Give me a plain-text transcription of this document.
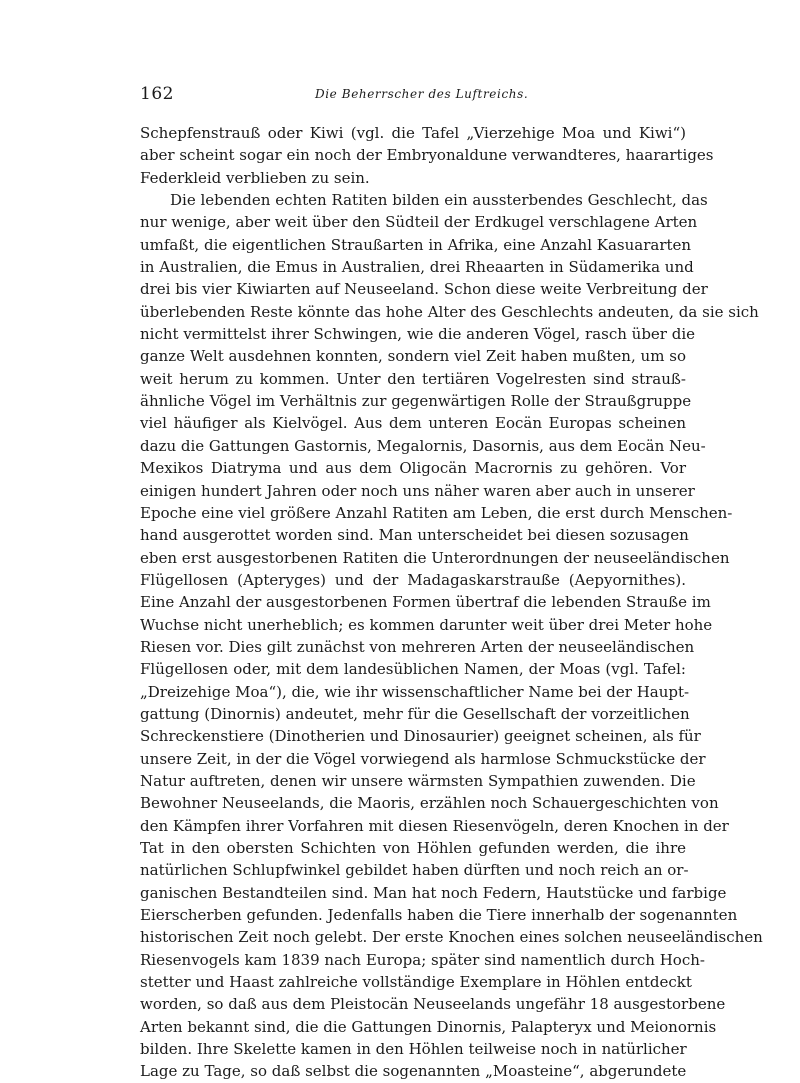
162	Die Beherrscher des Luftreichs.
Schepfenstrauß oder Kiwi (vgl. die Tafel „Vierzehige Moa und Kiwi“)
aber scheint sogar ein noch der Embryonaldune verwandteres, haarartiges
Federkleid verblieben zu sein.
Die lebenden echten Ratiten bilden ein aussterbendes Geschlecht, das
nur wenige, aber weit über den Südteil der Erdkugel verschlagene Arten
umfaßt, die eigentlichen Straußarten in Afrika, eine Anzahl Kasuararten
in Australien, die Emus in Australien, drei Rheaarten in Südamerika und
drei bis vier Kiwiarten auf Neuseeland. Schon diese weite Verbreitung der
überlebenden Reste könnte das hohe Alter des Geschlechts andeuten, da sie sich
nicht vermittelst ihrer Schwingen, wie die anderen Vögel, rasch über die
ganze Welt ausdehnen konnten, sondern viel Zeit haben mußten, um so
weit herum zu kommen. Unter den tertiären Vogelresten sind strauß-
ähnliche Vögel im Verhältnis zur gegenwärtigen Rolle der Straußgruppe
viel häufiger als Kielvögel. Aus dem unteren Eocän Europas scheinen
dazu die Gattungen Gastornis, Megalornis, Dasornis, aus dem Eocän Neu-
Mexikos Diatryma und aus dem Oligocän Macrornis zu gehören. Vor
einigen hundert Jahren oder noch uns näher waren aber auch in unserer
Epoche eine viel größere Anzahl Ratiten am Leben, die erst durch Menschen-
hand ausgerottet worden sind. Man unterscheidet bei diesen sozusagen
eben erst ausgestorbenen Ratiten die Unterordnungen der neuseeländischen
Flügellosen (Apteryges) und der Madagaskarstrauße (Aepyornithes).
Eine Anzahl der ausgestorbenen Formen übertraf die lebenden Strauße im
Wuchse nicht unerheblich; es kommen darunter weit über drei Meter hohe
Riesen vor. Dies gilt zunächst von mehreren Arten der neuseeländischen
Flügellosen oder, mit dem landesüblichen Namen, der Moas (vgl. Tafel:
„Dreizehige Moa“), die, wie ihr wissenschaftlicher Name bei der Haupt-
gattung (Dinornis) andeutet, mehr für die Gesellschaft der vorzeitlichen
Schreckenstiere (Dinotherien und Dinosaurier) geeignet scheinen, als für
unsere Zeit, in der die Vögel vorwiegend als harmlose Schmuckstücke der
Natur auftreten, denen wir unsere wärmsten Sympathien zuwenden. Die
Bewohner Neuseelands, die Maoris, erzählen noch Schauergeschichten von
den Kämpfen ihrer Vorfahren mit diesen Riesenvögeln, deren Knochen in der
Tat in den obersten Schichten von Höhlen gefunden werden, die ihre
natürlichen Schlupfwinkel gebildet haben dürften und noch reich an or-
ganischen Bestandteilen sind. Man hat noch Federn, Hautstücke und farbige
Eierscherben gefunden. Jedenfalls haben die Tiere innerhalb der sogenannten
historischen Zeit noch gelebt. Der erste Knochen eines solchen neuseeländischen
Riesenvogels kam 1839 nach Europa; später sind namentlich durch Hoch-
stetter und Haast zahlreiche vollständige Exemplare in Höhlen entdeckt
worden, so daß aus dem Pleistocän Neuseelands ungefähr 18 ausgestorbene
Arten bekannt sind, die die Gattungen Dinornis, Palapteryx und Meionornis
bilden. Ihre Skelette kamen in den Höhlen teilweise noch in natürlicher
Lage zu Tage, so daß selbst die sogenannten „Moasteine“, abgerundete
